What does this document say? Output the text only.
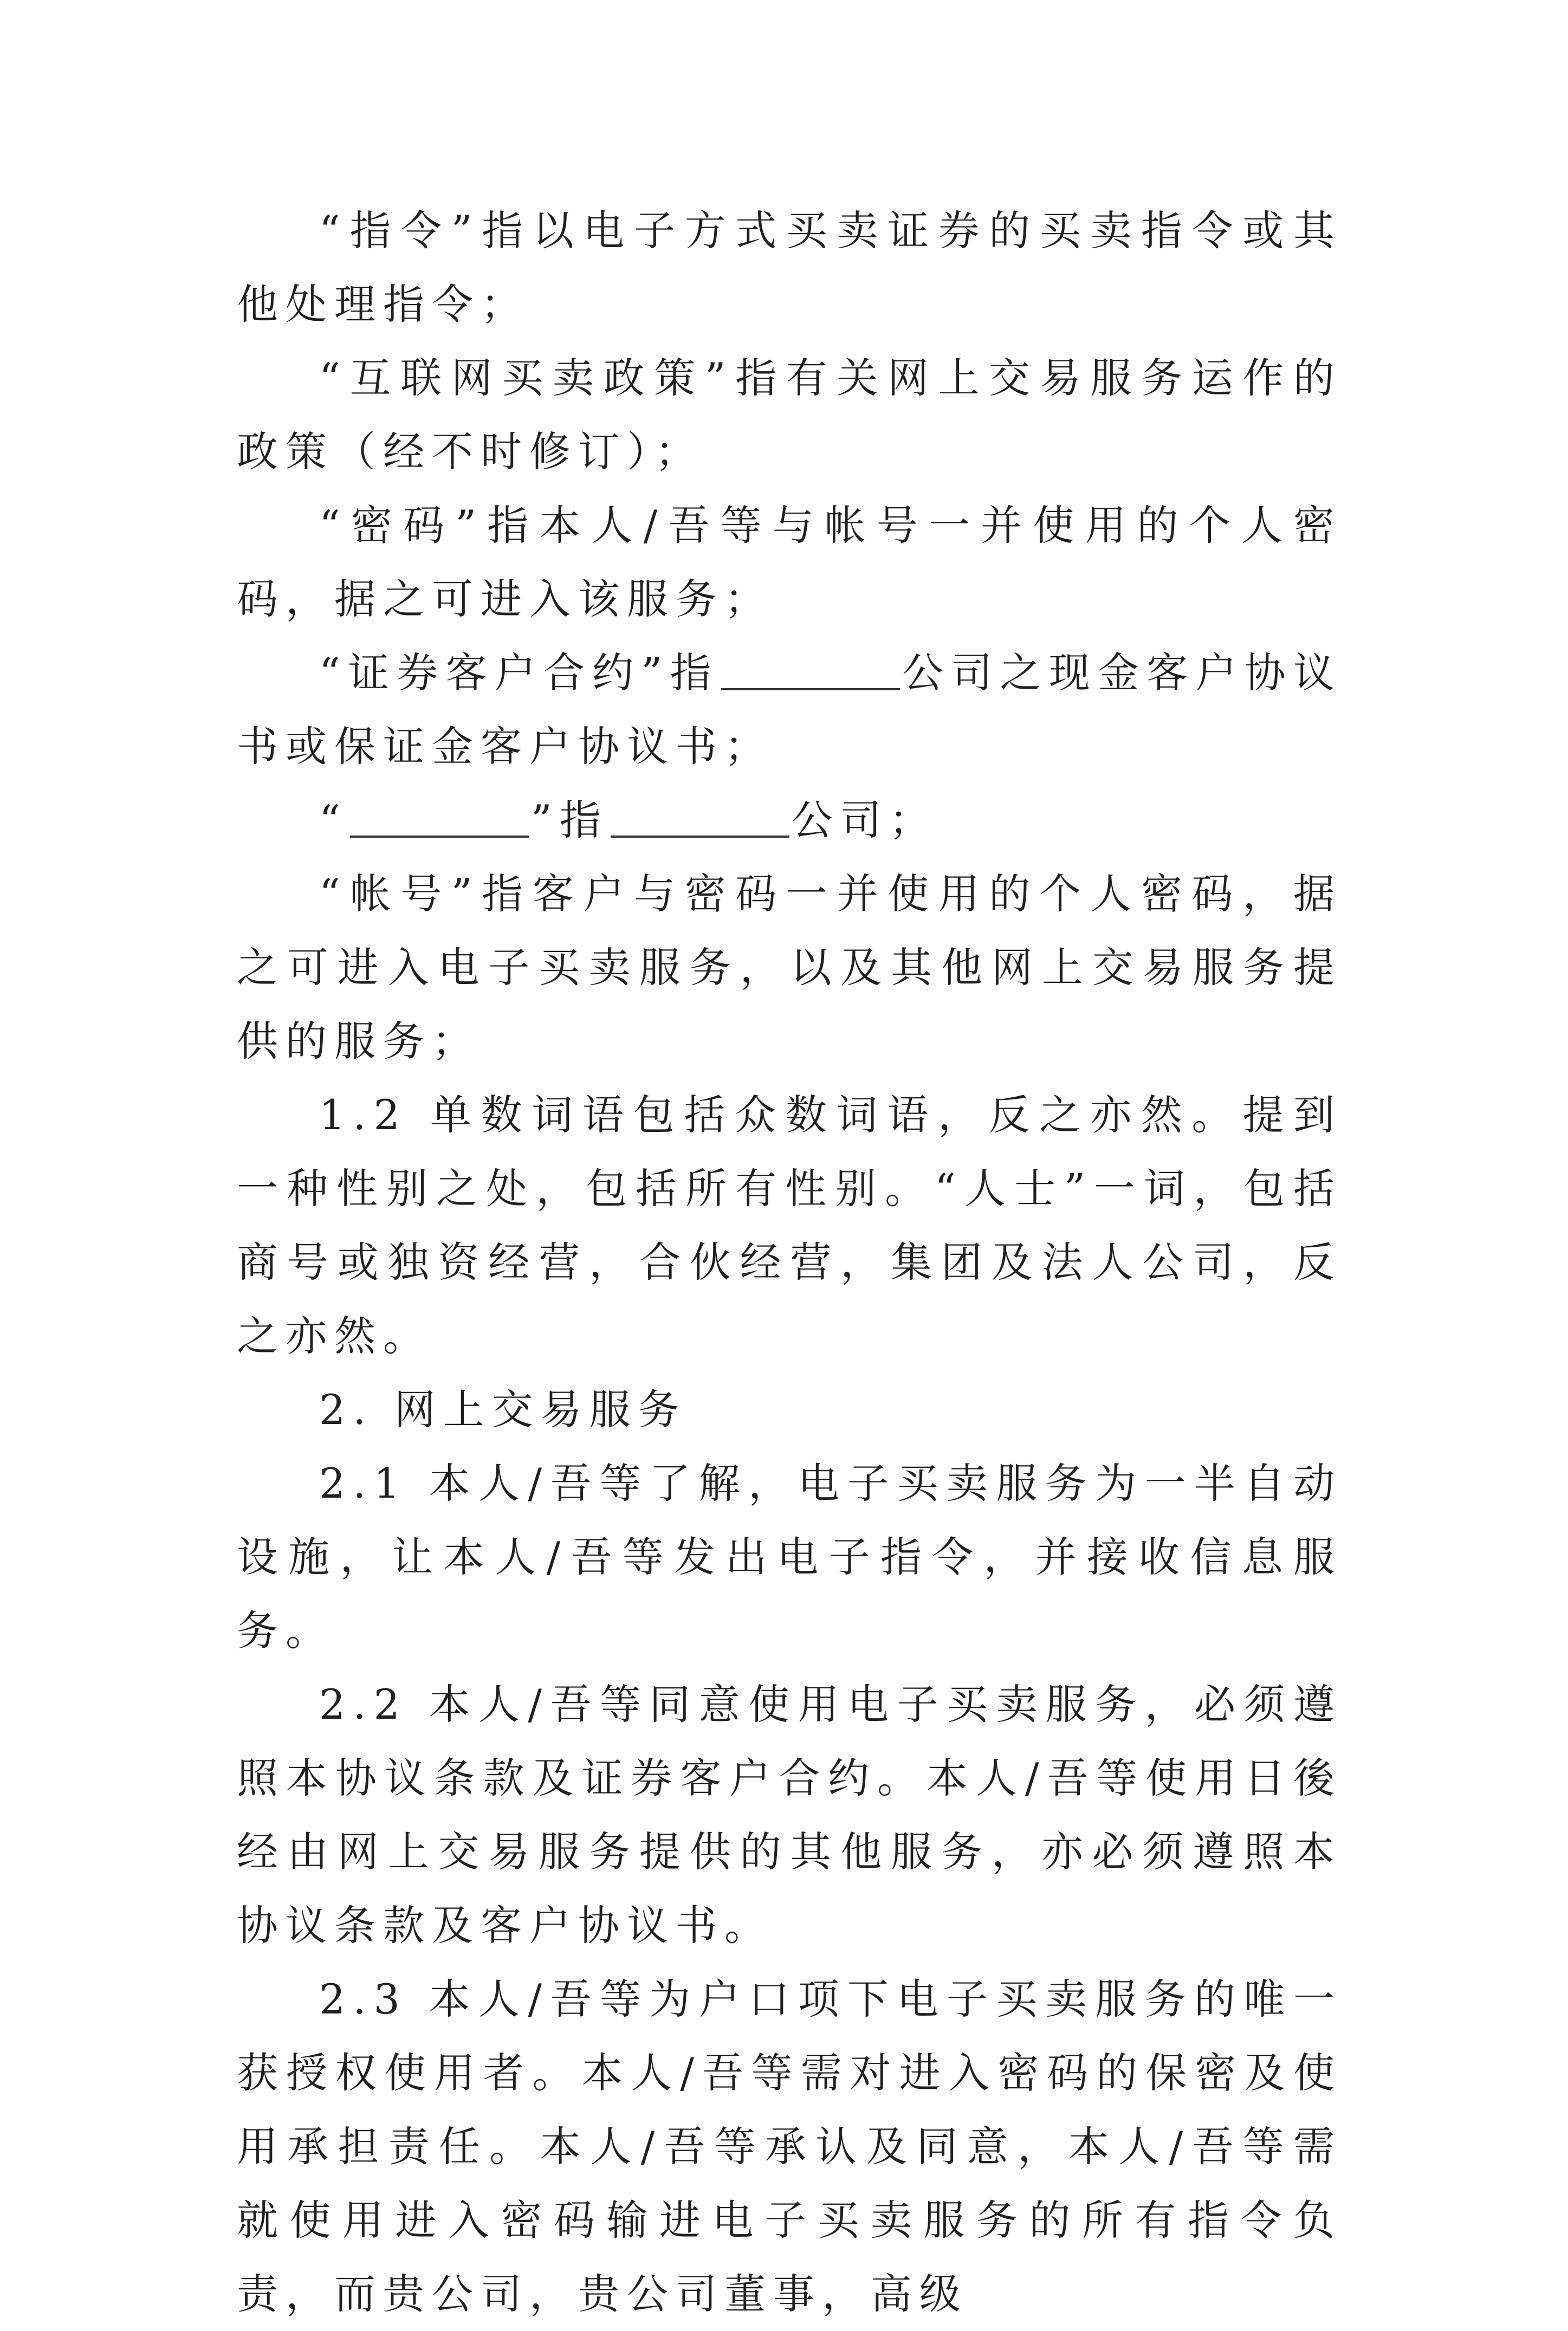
“指令”指以电子方式买卖证券的买卖指令或其他处理指令；

“互联网买卖政策”指有关网上交易服务运作的政策（经不时修订）；

“密码”指本人/吾等与帐号一并使用的个人密码，据之可进入该服务；

“证券客户合约”指	公司之现金客户协议书或保证金客户协议书；

“	”指	公司；

“帐号”指客户与密码一并使用的个人密码，据之可进入电子买卖服务，以及其他网上交易服务提供的服务；

1.2 单数词语包括众数词语，反之亦然。提到一种性别之处，包括所有性别。“人士”一词，包括商号或独资经营，合伙经营，集团及法人公司，反之亦然。

2. 网上交易服务

2.1 本人/吾等了解，电子买卖服务为一半自动设施，让本人/吾等发出电子指令，并接收信息服务。

2.2 本人/吾等同意使用电子买卖服务，必须遵照本协议条款及证券客户合约。本人/吾等使用日後经由网上交易服务提供的其他服务，亦必须遵照本协议条款及客户协议书。

2.3 本人/吾等为户口项下电子买卖服务的唯一获授权使用者。本人/吾等需对进入密码的保密及使用承担责任。本人/吾等承认及同意，本人/吾等需就使用进入密码输进电子买卖服务的所有指令负责，而贵公司，贵公司董事，高级
